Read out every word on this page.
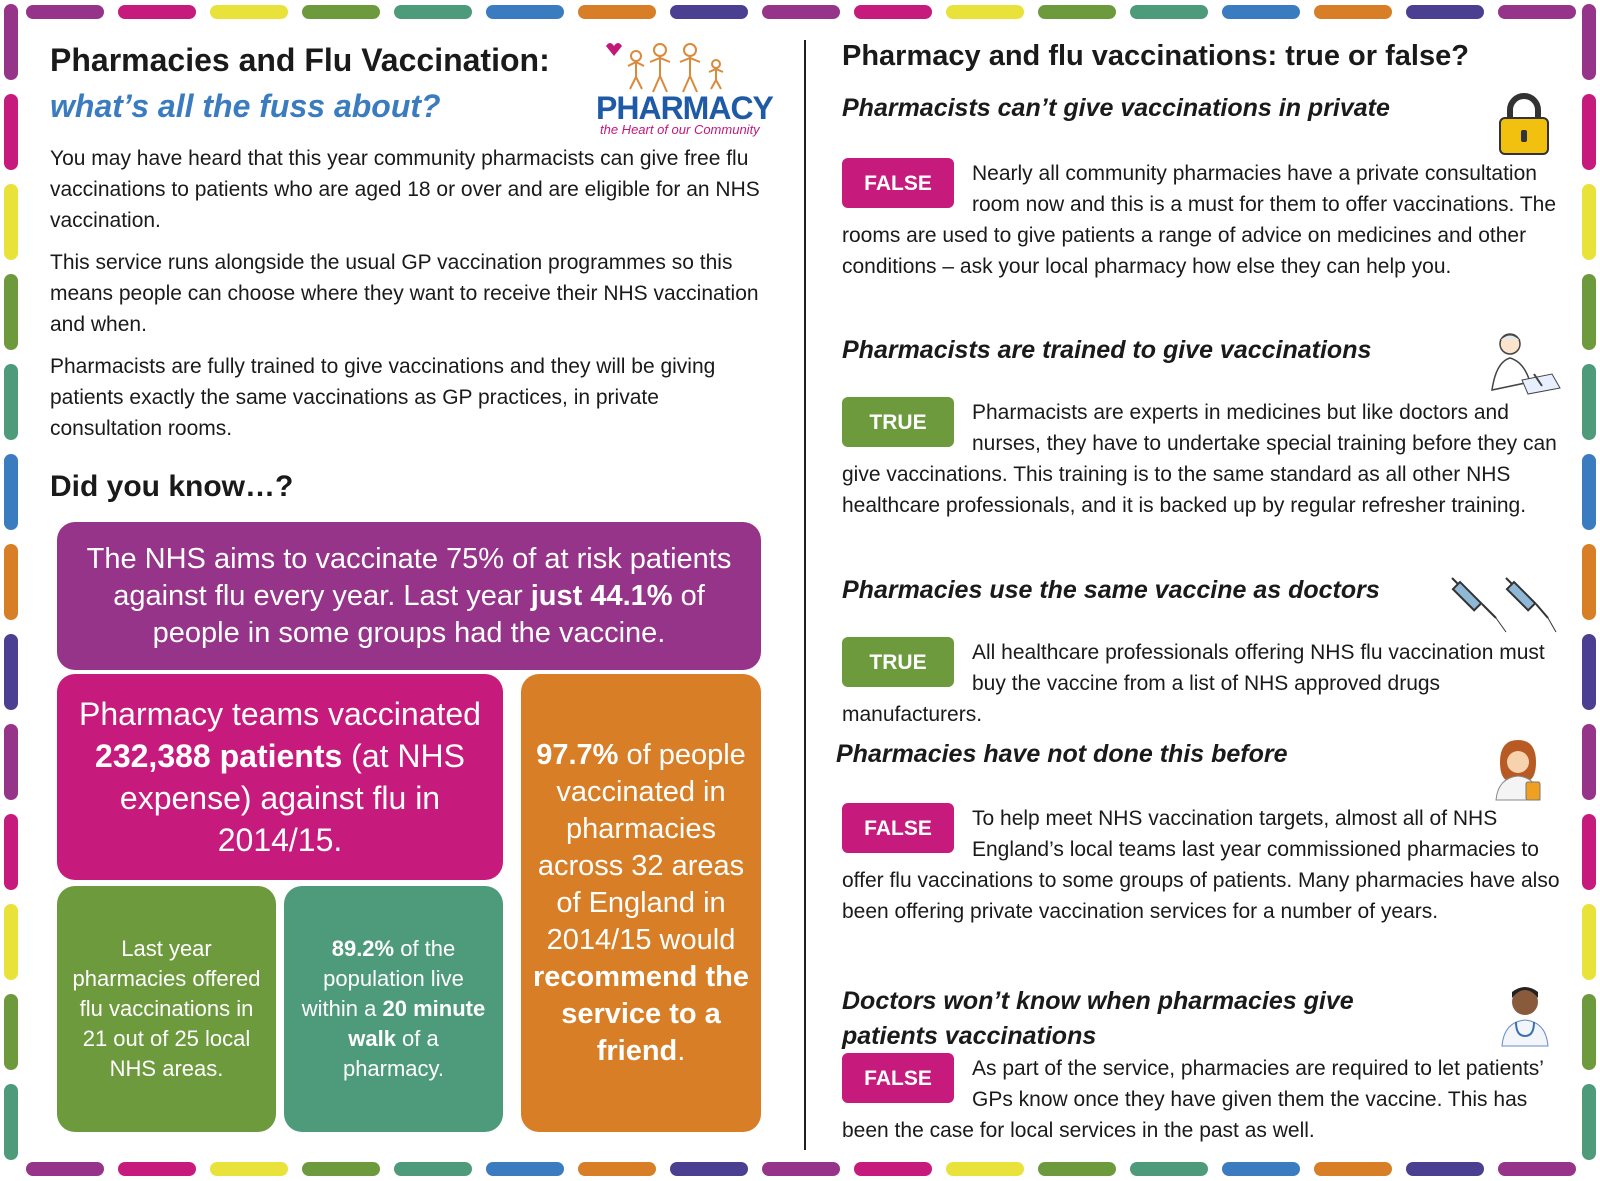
Pharmacies and Flu Vaccination:
what’s all the fuss about?	PHARMACY
the Heart of our Community
You may have heard that this year community pharmacists can give free flu vaccinations to patients who are aged 18 or over and are eligible for an NHS vaccination.
This service runs alongside the usual GP vaccination programmes so this means people can choose where they want to receive their NHS vaccination and when.
Pharmacists are fully trained to give vaccinations and they will be giving patients exactly the same vaccinations as GP practices, in private consultation rooms.
Did you know…?
The NHS aims to vaccinate 75% of at risk patients against flu every year. Last year just 44.1% of people in some groups had the vaccine.
Pharmacy teams vaccinated 232,388 patients (at NHS expense) against flu in 2014/15.
97.7% of people vaccinated in pharmacies across 32 areas of England in 2014/15 would recommend the service to a friend.
Last year pharmacies offered flu vaccinations in 21 out of 25 local NHS areas.
89.2% of the population live within a 20 minute walk of a pharmacy.
Pharmacy and flu vaccinations: true or false?
Pharmacists can’t give vaccinations in private
FALSE	Nearly all community pharmacies have a private consultation room now and this is a must for them to offer vaccinations. The rooms are used to give patients a range of advice on medicines and other conditions – ask your local pharmacy how else they can help you.
Pharmacists are trained to give vaccinations
TRUE	Pharmacists are experts in medicines but like doctors and nurses, they have to undertake special training before they can give vaccinations. This training is to the same standard as all other NHS healthcare professionals, and it is backed up by regular refresher training.
Pharmacies use the same vaccine as doctors
TRUE	All healthcare professionals offering NHS flu vaccination must buy the vaccine from a list of NHS approved drugs manufacturers.
Pharmacies have not done this before
FALSE	To help meet NHS vaccination targets, almost all of NHS England’s local teams last year commissioned pharmacies to offer flu vaccinations to some groups of patients. Many pharmacies have also been offering private vaccination services for a number of years.
Doctors won’t know when pharmacies give patients vaccinations
FALSE	As part of the service, pharmacies are required to let patients’ GPs know once they have given them the vaccine. This has been the case for local services in the past as well.
